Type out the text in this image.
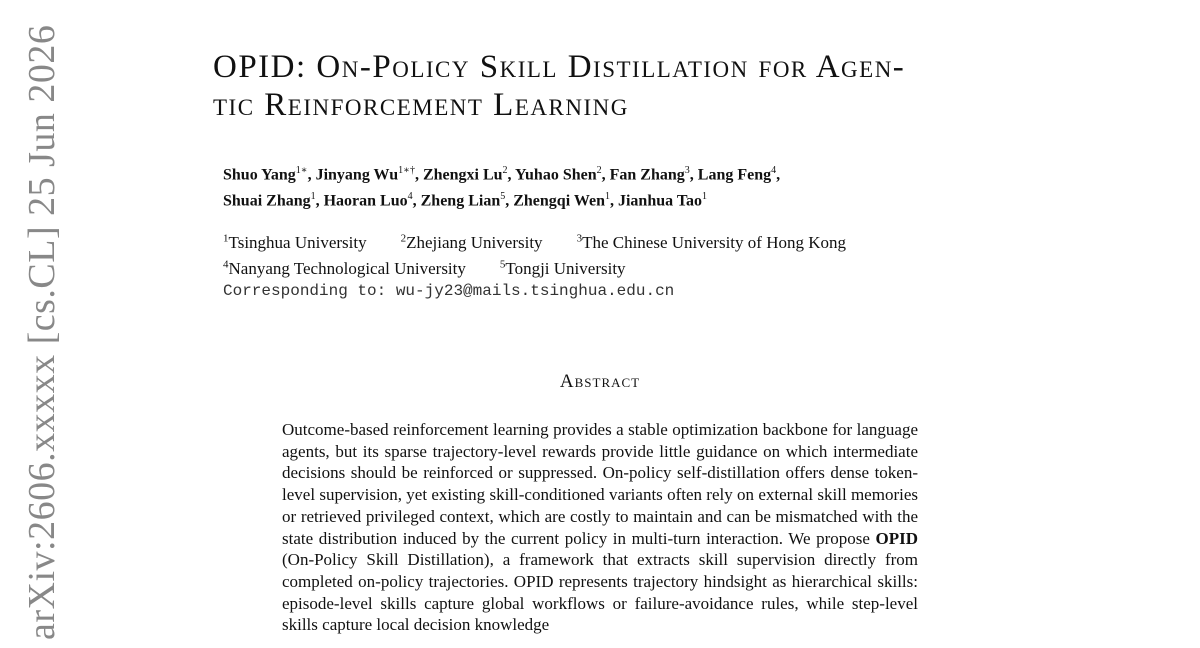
arXiv:2606.xxxxx [cs.CL] 25 Jun 2026	OPID: On-Policy Skill Distillation for Agen-
tic Reinforcement Learning
Shuo Yang$^{1∗}$, Jinyang $Wu^{1∗\dagger}$, Zhengxi Lu$^2$, Yuhao Shen$^2$, Fan Zhang$^3$, Lang Feng$^4$,
Shuai Zhang$^1$, Haoran Luo$^4$, Zheng Lian$^5$, Zhengqi Wen$^1$, Jianhua Tao$^1$
$^1$Tsinghua University	$^2$Zhejiang University	$^3$The Chinese University of Hong Kong
$^4$Nanyang Technological University	$^5$Tongji University
Corresponding to: wu-jy23@mails.tsinghua.edu.cn
Abstract
Outcome-based reinforcement learning provides a stable optimization backbone for language agents, but its sparse trajectory-level rewards provide little guidance on which intermediate decisions should be reinforced or suppressed. On-policy self-distillation offers dense token-level supervision, yet existing skill-conditioned variants often rely on external skill memories or retrieved privileged context, which are costly to maintain and can be mismatched with the state distribution induced by the current policy in multi-turn interaction. We propose OPID (On-Policy Skill Distillation), a framework that extracts skill supervision directly from completed on-policy trajectories. OPID represents trajectory hindsight as hierarchical skills: episode-level skills capture global workflows or failure-avoidance rules, while step-level skills capture local decision knowledge
